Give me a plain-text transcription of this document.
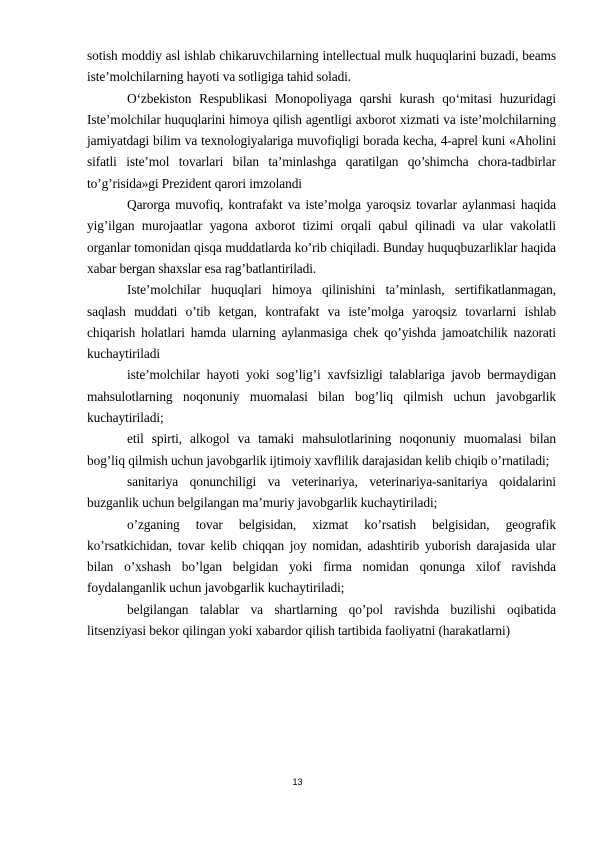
sotish moddiy asl ishlab chikaruvchilarning intellectual mulk huquqlarini buzadi, beams iste’molchilarning hayoti va sotligiga tahid soladi.

O‘zbekiston Respublikasi Monopoliyaga qarshi kurash qo‘mitasi huzuridagi Iste’molchilar huquqlarini himoya qilish agentligi axborot xizmati va iste’molchilarning jamiyatdagi bilim va texnologiyalariga muvofiqligi borada kecha, 4-aprel kuni «Aholini sifatli iste’mol tovarlari bilan ta’minlashga qaratilgan qo’shimcha chora-tadbirlar to’g’risida»gi Prezident qarori imzolandi

Qarorga muvofiq, kontrafakt va iste’molga yaroqsiz tovarlar aylanmasi haqida yig’ilgan murojaatlar yagona axborot tizimi orqali qabul qilinadi va ular vakolatli organlar tomonidan qisqa muddatlarda ko’rib chiqiladi. Bunday huquqbuzarliklar haqida xabar bergan shaxslar esa rag’batlantiriladi.

Iste’molchilar huquqlari himoya qilinishini ta’minlash, sertifikatlanmagan, saqlash muddati o’tib ketgan, kontrafakt va iste’molga yaroqsiz tovarlarni ishlab chiqarish holatlari hamda ularning aylanmasiga chek qo’yishda jamoatchilik nazorati kuchaytiriladi

iste’molchilar hayoti yoki sog’lig’i xavfsizligi talablariga javob bermaydigan mahsulotlarning noqonuniy muomalasi bilan bog’liq qilmish uchun javobgarlik kuchaytiriladi;

etil spirti, alkogol va tamaki mahsulotlarining noqonuniy muomalasi bilan bog’liq qilmish uchun javobgarlik ijtimoiy xavflilik darajasidan kelib chiqib o’rnatiladi;

sanitariya qonunchiligi va veterinariya, veterinariya-sanitariya qoidalarini buzganlik uchun belgilangan ma’muriy javobgarlik kuchaytiriladi;

o’zganing tovar belgisidan, xizmat ko’rsatish belgisidan, geografik ko’rsatkichidan, tovar kelib chiqqan joy nomidan, adashtirib yuborish darajasida ular bilan o’xshash bo’lgan belgidan yoki firma nomidan qonunga xilof ravishda foydalanganlik uchun javobgarlik kuchaytiriladi;

belgilangan talablar va shartlarning qo’pol ravishda buzilishi oqibatida litsenziyasi bekor qilingan yoki xabardor qilish tartibida faoliyatni (harakatlarni)

13
